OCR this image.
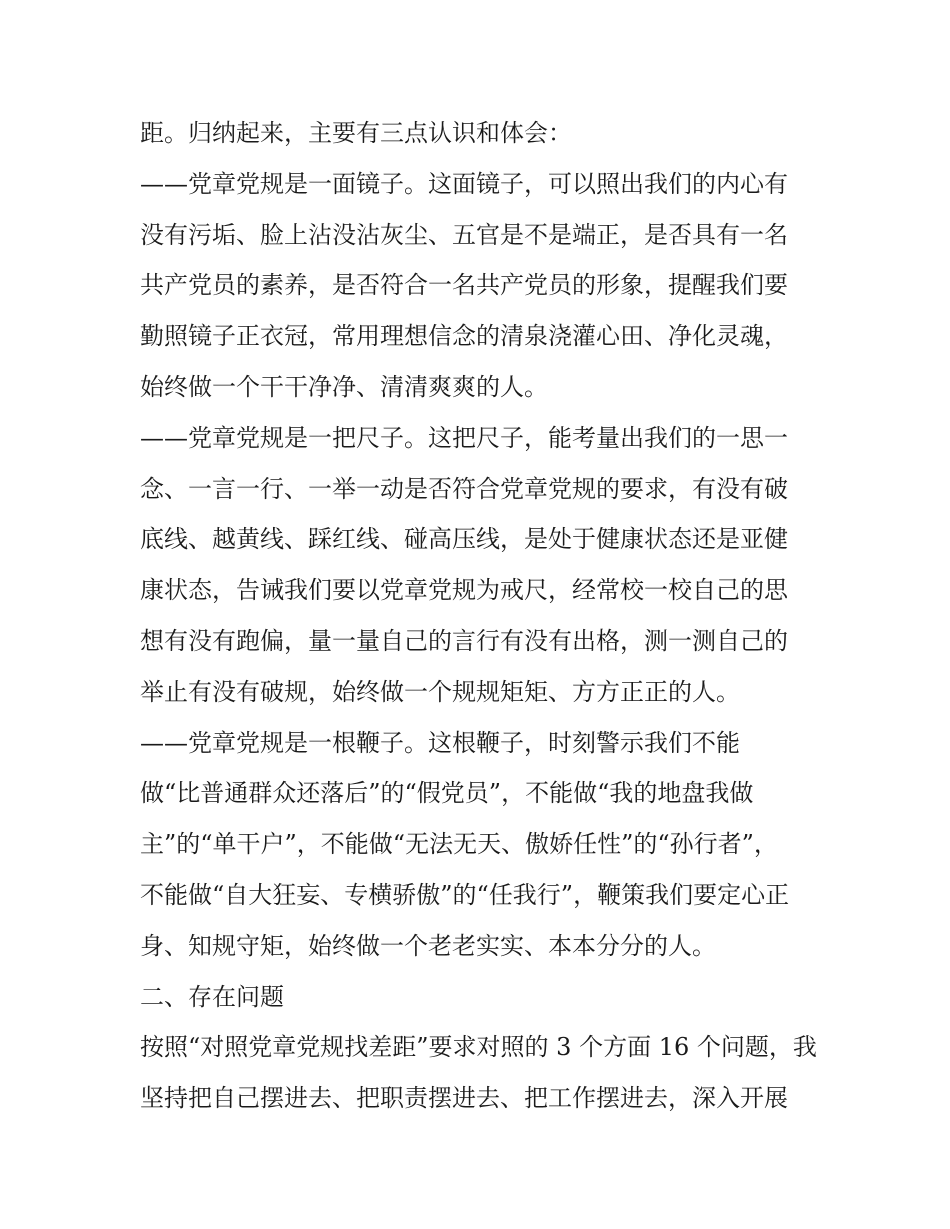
距。归纳起来，主要有三点认识和体会：
——党章党规是一面镜子。这面镜子，可以照出我们的内心有
没有污垢、脸上沾没沾灰尘、五官是不是端正，是否具有一名
共产党员的素养，是否符合一名共产党员的形象，提醒我们要
勤照镜子正衣冠，常用理想信念的清泉浇灌心田、净化灵魂，
始终做一个干干净净、清清爽爽的人。
——党章党规是一把尺子。这把尺子，能考量出我们的一思一
念、一言一行、一举一动是否符合党章党规的要求，有没有破
底线、越黄线、踩红线、碰高压线，是处于健康状态还是亚健
康状态，告诫我们要以党章党规为戒尺，经常校一校自己的思
想有没有跑偏，量一量自己的言行有没有出格，测一测自己的
举止有没有破规，始终做一个规规矩矩、方方正正的人。
——党章党规是一根鞭子。这根鞭子，时刻警示我们不能
做“比普通群众还落后”的“假党员”，不能做“我的地盘我做
主”的“单干户”，不能做“无法无天、傲娇任性”的“孙行者”，
不能做“自大狂妄、专横骄傲”的“任我行”，鞭策我们要定心正
身、知规守矩，始终做一个老老实实、本本分分的人。
二、存在问题
按照“对照党章党规找差距”要求对照的 3 个方面 16 个问题，我
坚持把自己摆进去、把职责摆进去、把工作摆进去，深入开展
